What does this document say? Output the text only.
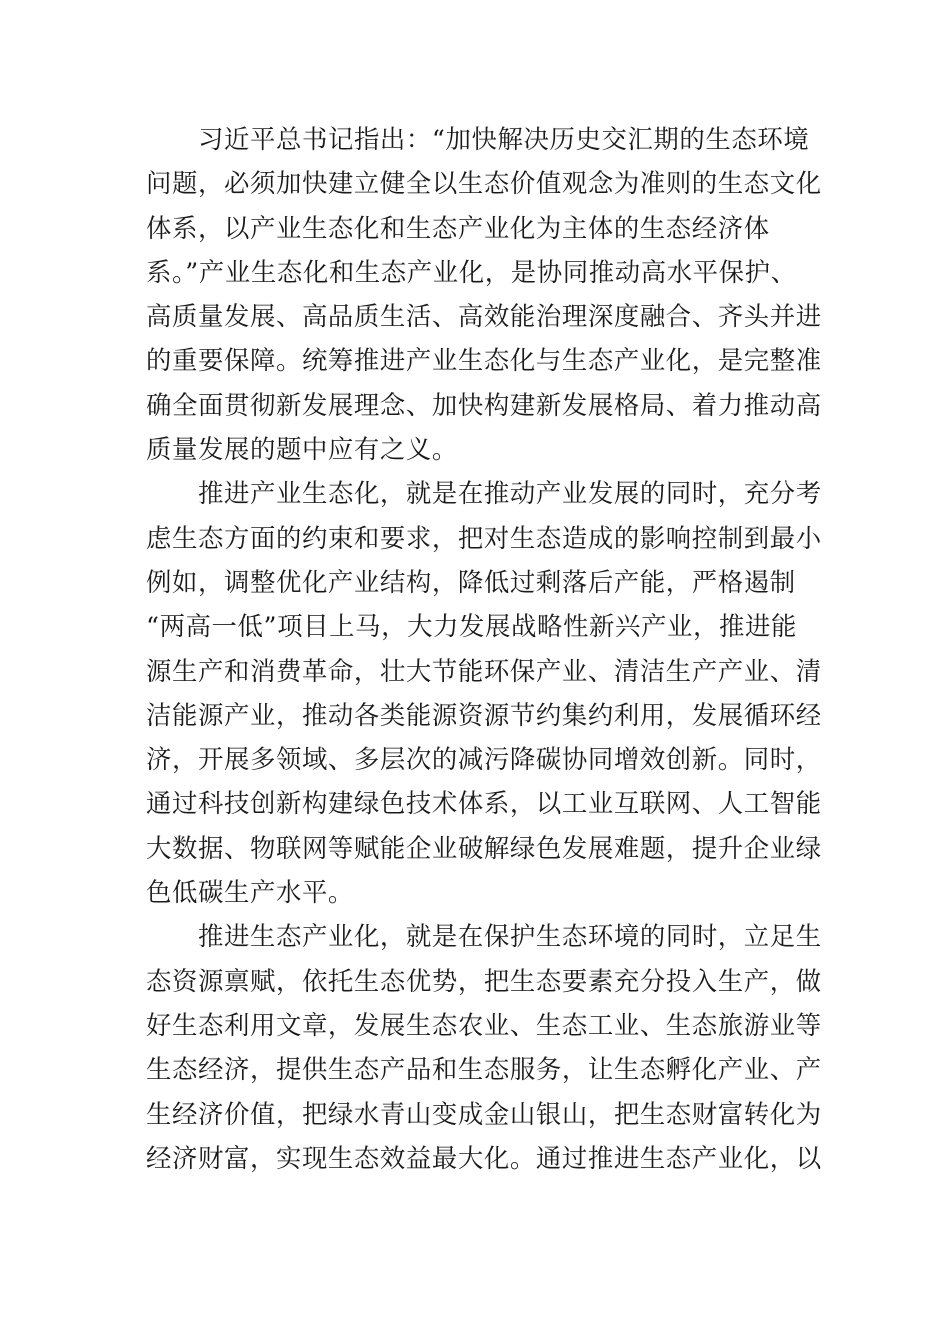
习近平总书记指出：“加快解决历史交汇期的生态环境
问题，必须加快建立健全以生态价值观念为准则的生态文化
体系，以产业生态化和生态产业化为主体的生态经济体
系。”产业生态化和生态产业化，是协同推动高水平保护、
高质量发展、高品质生活、高效能治理深度融合、齐头并进
的重要保障。统筹推进产业生态化与生态产业化，是完整准
确全面贯彻新发展理念、加快构建新发展格局、着力推动高
质量发展的题中应有之义。
推进产业生态化，就是在推动产业发展的同时，充分考
虑生态方面的约束和要求，把对生态造成的影响控制到最小
例如，调整优化产业结构，降低过剩落后产能，严格遏制
“两高一低”项目上马，大力发展战略性新兴产业，推进能
源生产和消费革命，壮大节能环保产业、清洁生产产业、清
洁能源产业，推动各类能源资源节约集约利用，发展循环经
济，开展多领域、多层次的减污降碳协同增效创新。同时，
通过科技创新构建绿色技术体系，以工业互联网、人工智能
大数据、物联网等赋能企业破解绿色发展难题，提升企业绿
色低碳生产水平。
推进生态产业化，就是在保护生态环境的同时，立足生
态资源禀赋，依托生态优势，把生态要素充分投入生产，做
好生态利用文章，发展生态农业、生态工业、生态旅游业等
生态经济，提供生态产品和生态服务，让生态孵化产业、产
生经济价值，把绿水青山变成金山银山，把生态财富转化为
经济财富，实现生态效益最大化。通过推进生态产业化，以
